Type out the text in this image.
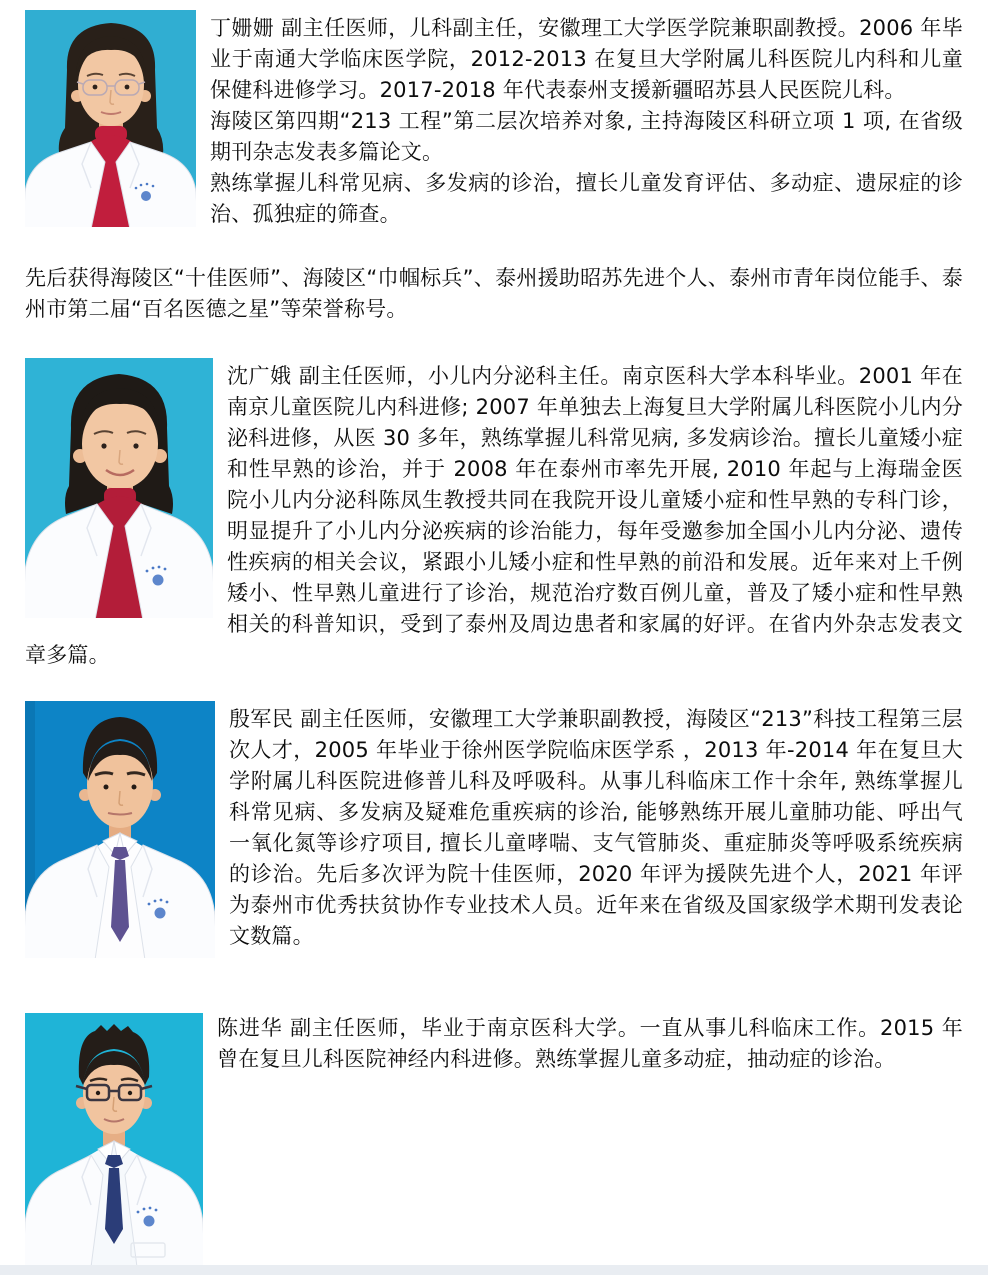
丁姗姗 副主任医师，儿科副主任，安徽理工大学医学院兼职副教授。2006 年毕业于南通大学临床医学院，2012-2013 在复旦大学附属儿科医院儿内科和儿童保健科进修学习。2017-2018 年代表泰州支援新疆昭苏县人民医院儿科。

海陵区第四期“213 工程”第二层次培养对象, 主持海陵区科研立项 1 项, 在省级期刊杂志发表多篇论文。

熟练掌握儿科常见病、多发病的诊治，擅长儿童发育评估、多动症、遗尿症的诊治、孤独症的筛查。

先后获得海陵区“十佳医师”、海陵区“巾帼标兵”、泰州援助昭苏先进个人、泰州市青年岗位能手、泰州市第二届“百名医德之星”等荣誉称号。

沈广娥 副主任医师，小儿内分泌科主任。南京医科大学本科毕业。2001 年在南京儿童医院儿内科进修; 2007 年单独去上海复旦大学附属儿科医院小儿内分泌科进修，从医 30 多年，熟练掌握儿科常见病, 多发病诊治。擅长儿童矮小症和性早熟的诊治，并于 2008 年在泰州市率先开展, 2010 年起与上海瑞金医院小儿内分泌科陈凤生教授共同在我院开设儿童矮小症和性早熟的专科门诊，明显提升了小儿内分泌疾病的诊治能力，每年受邀参加全国小儿内分泌、遗传性疾病的相关会议，紧跟小儿矮小症和性早熟的前沿和发展。近年来对上千例矮小、性早熟儿童进行了诊治，规范治疗数百例儿童，普及了矮小症和性早熟相关的科普知识，受到了泰州及周边患者和家属的好评。在省内外杂志发表文章多篇。

殷军民 副主任医师，安徽理工大学兼职副教授，海陵区“213”科技工程第三层次人才，2005 年毕业于徐州医学院临床医学系 ，2013 年-2014 年在复旦大学附属儿科医院进修普儿科及呼吸科。从事儿科临床工作十余年, 熟练掌握儿科常见病、多发病及疑难危重疾病的诊治, 能够熟练开展儿童肺功能、呼出气一氧化氮等诊疗项目, 擅长儿童哮喘、支气管肺炎、重症肺炎等呼吸系统疾病的诊治。先后多次评为院十佳医师，2020 年评为援陕先进个人，2021 年评为泰州市优秀扶贫协作专业技术人员。近年来在省级及国家级学术期刊发表论文数篇。

陈进华 副主任医师，毕业于南京医科大学。一直从事儿科临床工作。2015 年曾在复旦儿科医院神经内科进修。熟练掌握儿童多动症，抽动症的诊治。
